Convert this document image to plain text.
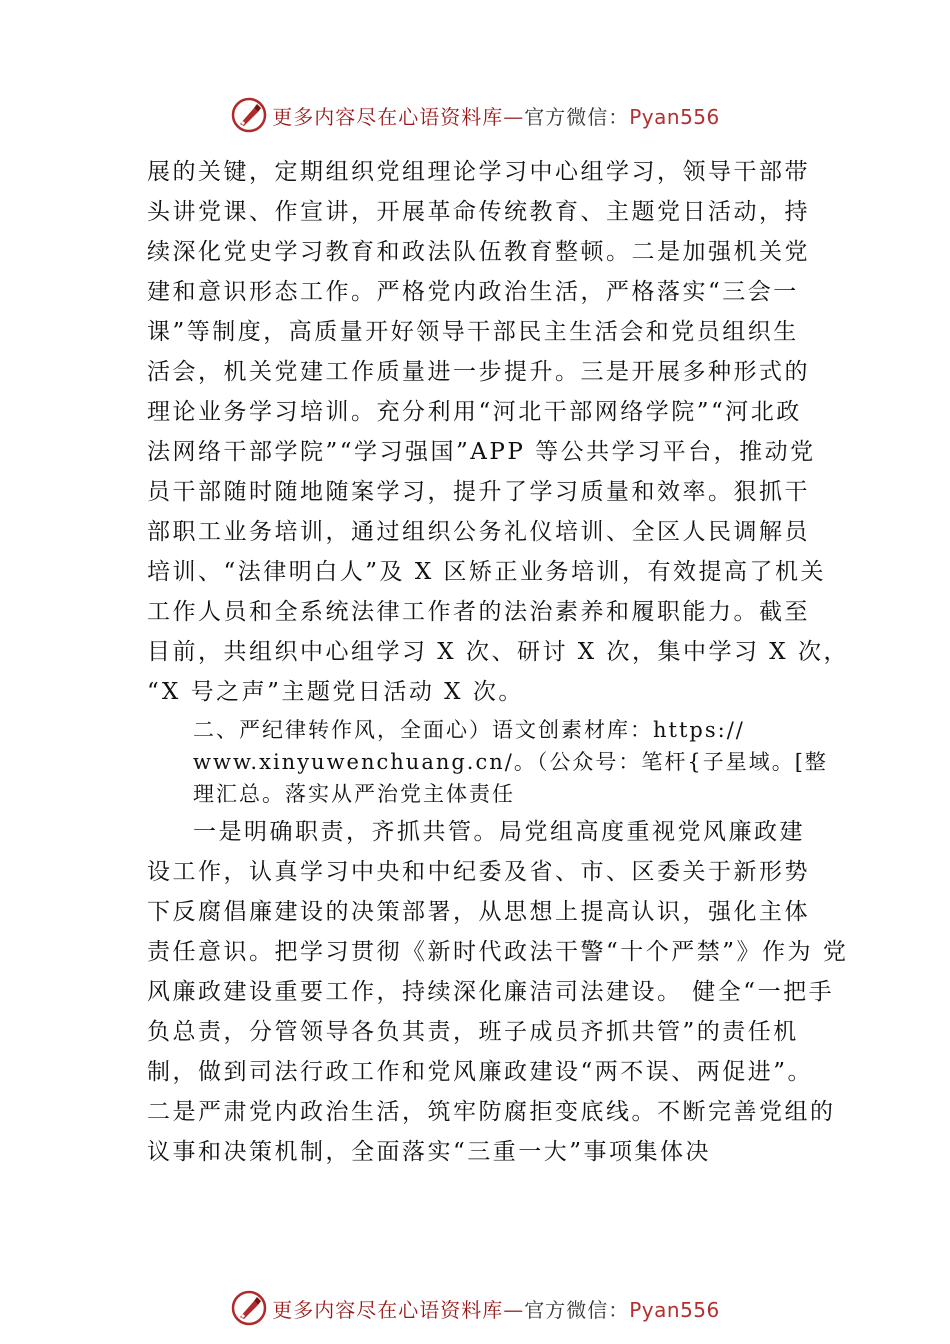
更多内容尽在心语资料库—官方微信：Pyan556
展的关键，定期组织党组理论学习中心组学习，领导干部带
头讲党课、作宣讲，开展革命传统教育、主题党日活动，持
续深化党史学习教育和政法队伍教育整顿。二是加强机关党
建和意识形态工作。严格党内政治生活，严格落实“三会一
课”等制度，高质量开好领导干部民主生活会和党员组织生
活会，机关党建工作质量进一步提升。三是开展多种形式的
理论业务学习培训。充分利用“河北干部网络学院”“河北政
法网络干部学院”“学习强国”APP 等公共学习平台，推动党
员干部随时随地随案学习，提升了学习质量和效率。狠抓干
部职工业务培训，通过组织公务礼仪培训、全区人民调解员
培训、“法律明白人”及 X 区矫正业务培训，有效提高了机关
工作人员和全系统法律工作者的法治素养和履职能力。截至
目前，共组织中心组学习 X 次、研讨 X 次，集中学习 X 次，
“X 号之声”主题党日活动 X 次。
二、严纪律转作风，全面心）语文创素材库：https://
www.xinyuwenchuang.cn/。（公众号：笔杆{子星域。[整
理汇总。落实从严治党主体责任
一是明确职责，齐抓共管。局党组高度重视党风廉政建
设工作，认真学习中央和中纪委及省、市、区委关于新形势
下反腐倡廉建设的决策部署，从思想上提高认识，强化主体
责任意识。把学习贯彻《新时代政法干警“十个严禁”》作为 党
风廉政建设重要工作，持续深化廉洁司法建设。 健全“一把手
负总责，分管领导各负其责，班子成员齐抓共管”的责任机
制，做到司法行政工作和党风廉政建设“两不误、两促进”。
二是严肃党内政治生活，筑牢防腐拒变底线。不断完善党组的
议事和决策机制，全面落实“三重一大”事项集体决
更多内容尽在心语资料库—官方微信：Pyan556
